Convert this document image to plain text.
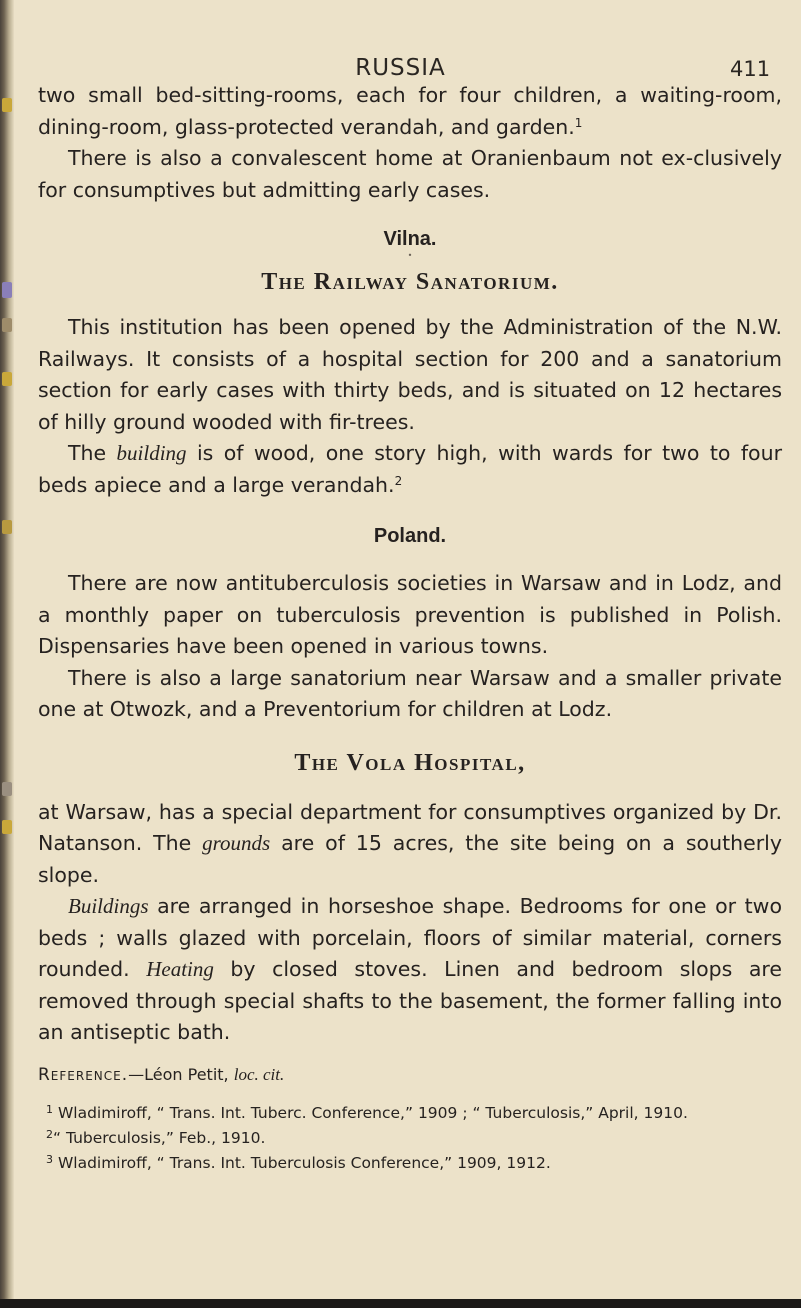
RUSSIA	411

two small bed-sitting-rooms, each for four children, a waiting-room, dining-room, glass-protected verandah, and garden.$^1$

There is also a convalescent home at Oranienbaum not ex-clusively for consumptives but admitting early cases.

Vilna.
•
The Railway Sanatorium.

This institution has been opened by the Administration of the N.W. Railways. It consists of a hospital section for 200 and a sanatorium section for early cases with thirty beds, and is situated on 12 hectares of hilly ground wooded with fir-trees.

The building is of wood, one story high, with wards for two to four beds apiece and a large verandah.$^2$

Poland.

There are now antituberculosis societies in Warsaw and in Lodz, and a monthly paper on tuberculosis prevention is published in Polish. Dispensaries have been opened in various towns.

There is also a large sanatorium near Warsaw and a smaller private one at Otwozk, and a Preventorium for children at Lodz.

The Vola Hospital,

at Warsaw, has a special department for consumptives organized by Dr. Natanson. The grounds are of 15 acres, the site being on a southerly slope.

Buildings are arranged in horseshoe shape. Bedrooms for one or two beds ; walls glazed with porcelain, floors of similar material, corners rounded. Heating by closed stoves. Linen and bedroom slops are removed through special shafts to the basement, the former falling into an antiseptic bath.

Reference.—Léon Petit, loc. cit.

$^1$ Wladimiroff, “ Trans. Int. Tuberc. Conference,” 1909 ; “ Tuberculosis,” April, 1910.

$^2$“ Tuberculosis,” Feb., 1910.

$^3$ Wladimiroff, “ Trans. Int. Tuberculosis Conference,” 1909, 1912.
